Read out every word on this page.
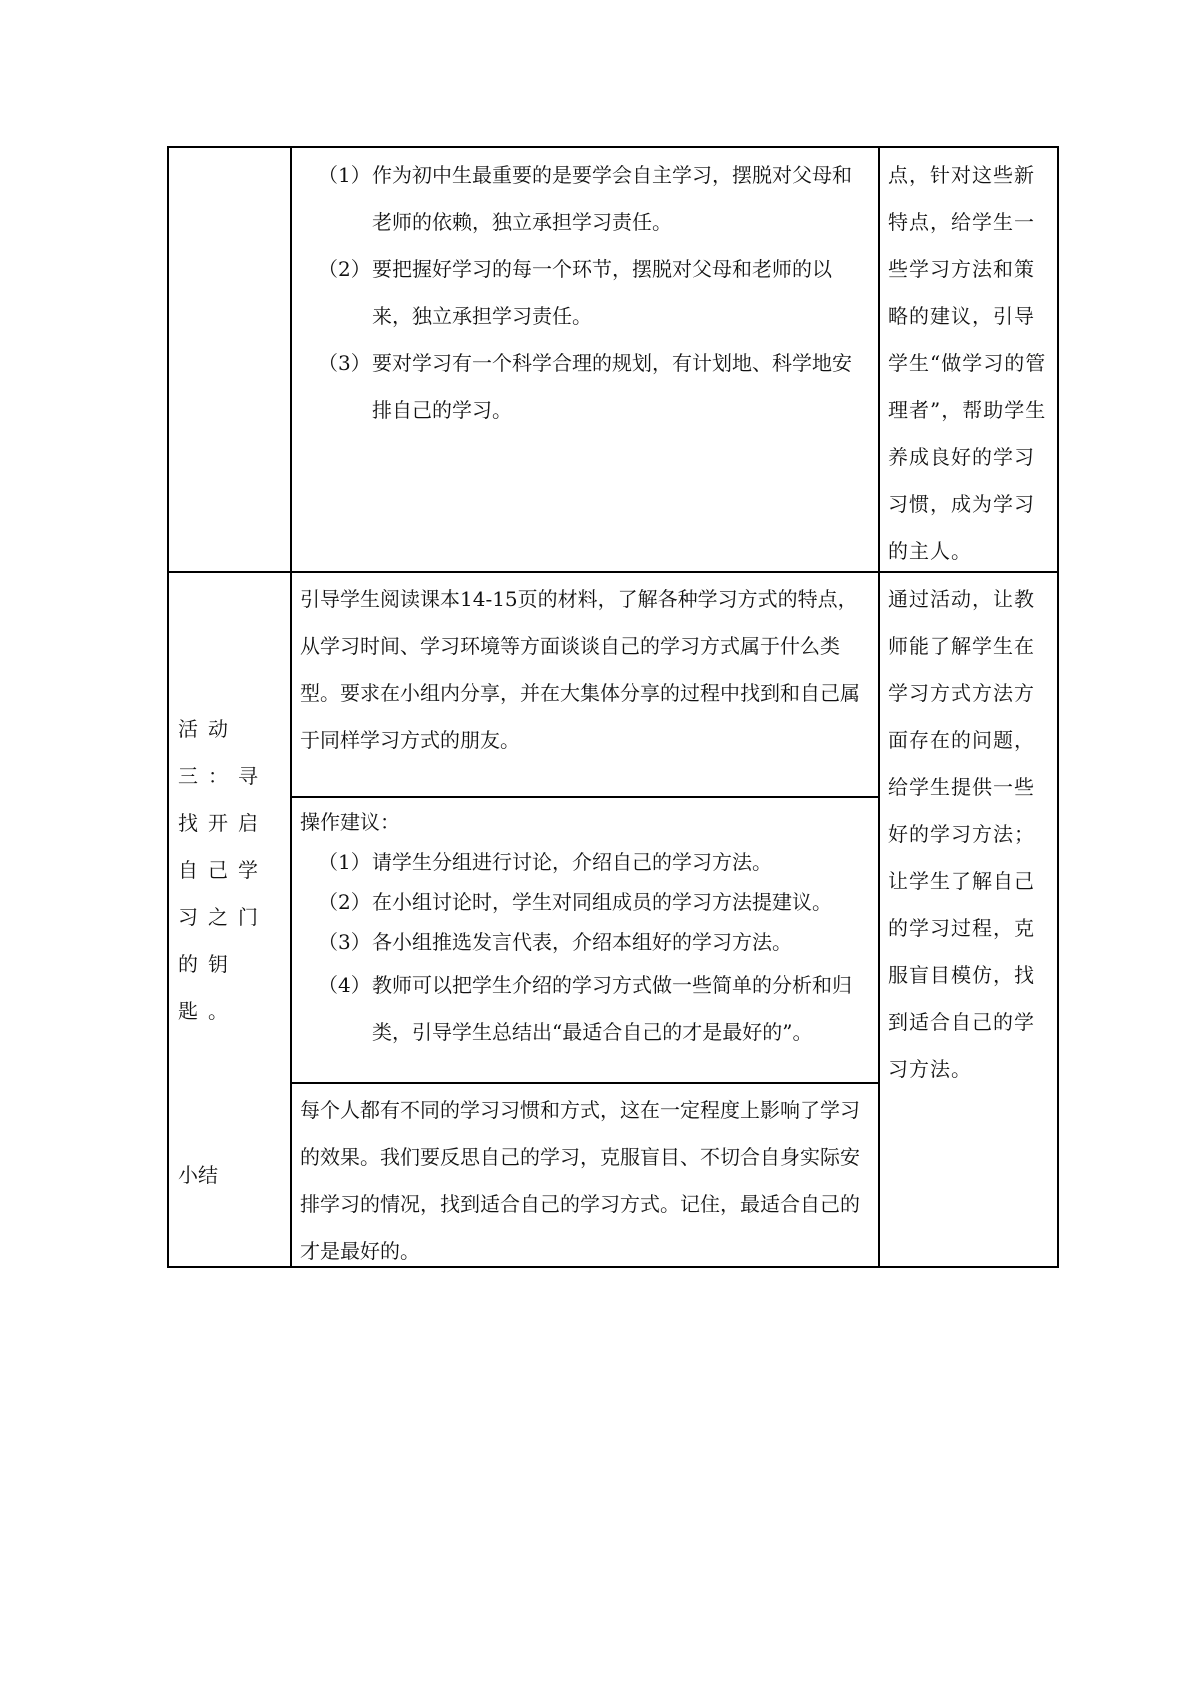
（1） 作为初中生最重要的是要学会自主学习，摆脱对父母和老师的依赖，独立承担学习责任。
（2） 要把握好学习的每一个环节，摆脱对父母和老师的以来，独立承担学习责任。
（3） 要对学习有一个科学合理的规划，有计划地、科学地安排自己的学习。

点，针对这些新特点，给学生一些学习方法和策略的建议，引导学生“做学习的管理者”，帮助学生养成良好的学习习惯，成为学习的主人。

活动三：寻找开启自己学习之门的钥匙。

引导学生阅读课本14-15页的材料，了解各种学习方式的特点，从学习时间、学习环境等方面谈谈自己的学习方式属于什么类型。要求在小组内分享，并在大集体分享的过程中找到和自己属于同样学习方式的朋友。

操作建议：
（1） 请学生分组进行讨论，介绍自己的学习方法。
（2） 在小组讨论时，学生对同组成员的学习方法提建议。
（3） 各小组推选发言代表，介绍本组好的学习方法。
（4） 教师可以把学生介绍的学习方式做一些简单的分析和归类，引导学生总结出“最适合自己的才是最好的”。

通过活动，让教师能了解学生在学习方式方法方面存在的问题，给学生提供一些好的学习方法；让学生了解自己的学习过程，克服盲目模仿，找到适合自己的学习方法。

小结

每个人都有不同的学习习惯和方式，这在一定程度上影响了学习的效果。我们要反思自己的学习，克服盲目、不切合自身实际安排学习的情况，找到适合自己的学习方式。记住，最适合自己的才是最好的。
